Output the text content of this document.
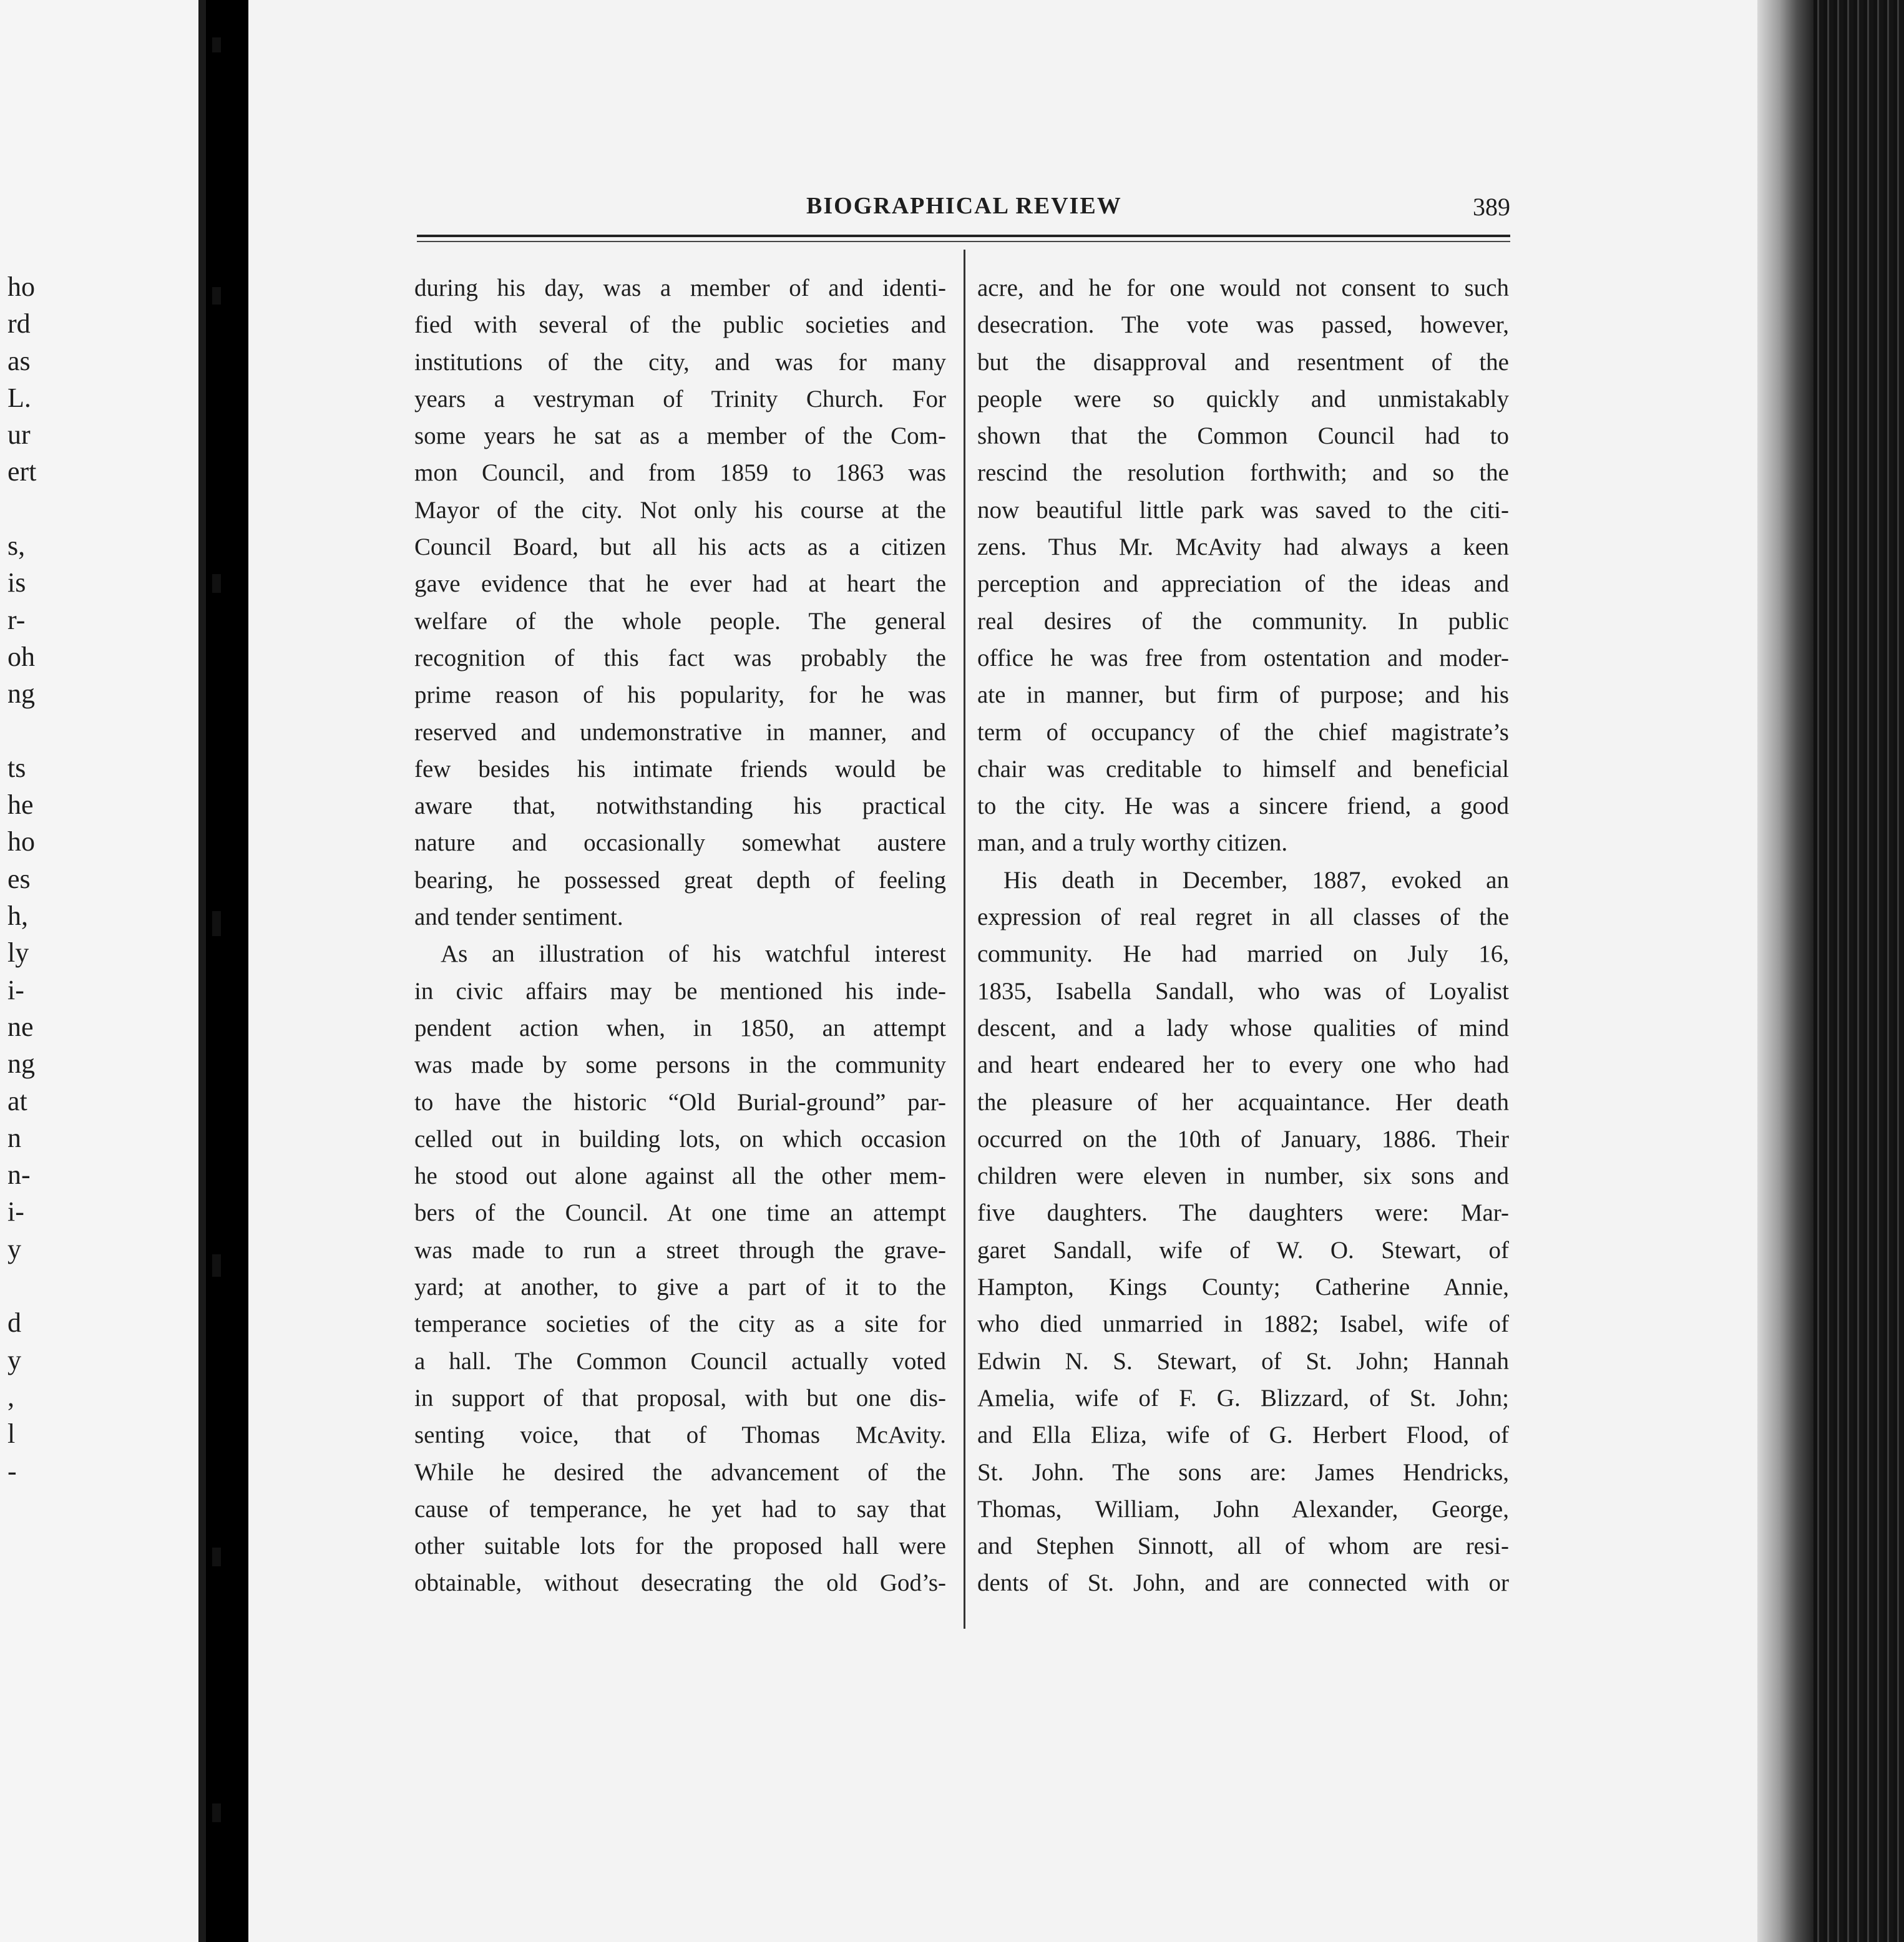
ho
rd
as
L.
ur
ert
s,
is
r-
oh
ng
ts
he
ho
es
h,
ly
i-
ne
ng
at
n
n-
i-
y
d
y
,
l
-
BIOGRAPHICAL REVIEW	389
during his day, was a member of and identi-
fied with several of the public societies and
institutions of the city, and was for many
years a vestryman of Trinity Church. For
some years he sat as a member of the Com-
mon Council, and from 1859 to 1863 was
Mayor of the city. Not only his course at the
Council Board, but all his acts as a citizen
gave evidence that he ever had at heart the
welfare of the whole people. The general
recognition of this fact was probably the
prime reason of his popularity, for he was
reserved and undemonstrative in manner, and
few besides his intimate friends would be
aware that, notwithstanding his practical
nature and occasionally somewhat austere
bearing, he possessed great depth of feeling
and tender sentiment.
As an illustration of his watchful interest
in civic affairs may be mentioned his inde-
pendent action when, in 1850, an attempt
was made by some persons in the community
to have the historic “Old Burial-ground” par-
celled out in building lots, on which occasion
he stood out alone against all the other mem-
bers of the Council. At one time an attempt
was made to run a street through the grave-
yard; at another, to give a part of it to the
temperance societies of the city as a site for
a hall. The Common Council actually voted
in support of that proposal, with but one dis-
senting voice, that of Thomas McAvity.
While he desired the advancement of the
cause of temperance, he yet had to say that
other suitable lots for the proposed hall were
obtainable, without desecrating the old God’s-
acre, and he for one would not consent to such
desecration. The vote was passed, however,
but the disapproval and resentment of the
people were so quickly and unmistakably
shown that the Common Council had to
rescind the resolution forthwith; and so the
now beautiful little park was saved to the citi-
zens. Thus Mr. McAvity had always a keen
perception and appreciation of the ideas and
real desires of the community. In public
office he was free from ostentation and moder-
ate in manner, but firm of purpose; and his
term of occupancy of the chief magistrate’s
chair was creditable to himself and beneficial
to the city. He was a sincere friend, a good
man, and a truly worthy citizen.
His death in December, 1887, evoked an
expression of real regret in all classes of the
community. He had married on July 16,
1835, Isabella Sandall, who was of Loyalist
descent, and a lady whose qualities of mind
and heart endeared her to every one who had
the pleasure of her acquaintance. Her death
occurred on the 10th of January, 1886. Their
children were eleven in number, six sons and
five daughters. The daughters were: Mar-
garet Sandall, wife of W. O. Stewart, of
Hampton, Kings County; Catherine Annie,
who died unmarried in 1882; Isabel, wife of
Edwin N. S. Stewart, of St. John; Hannah
Amelia, wife of F. G. Blizzard, of St. John;
and Ella Eliza, wife of G. Herbert Flood, of
St. John. The sons are: James Hendricks,
Thomas, William, John Alexander, George,
and Stephen Sinnott, all of whom are resi-
dents of St. John, and are connected with or
